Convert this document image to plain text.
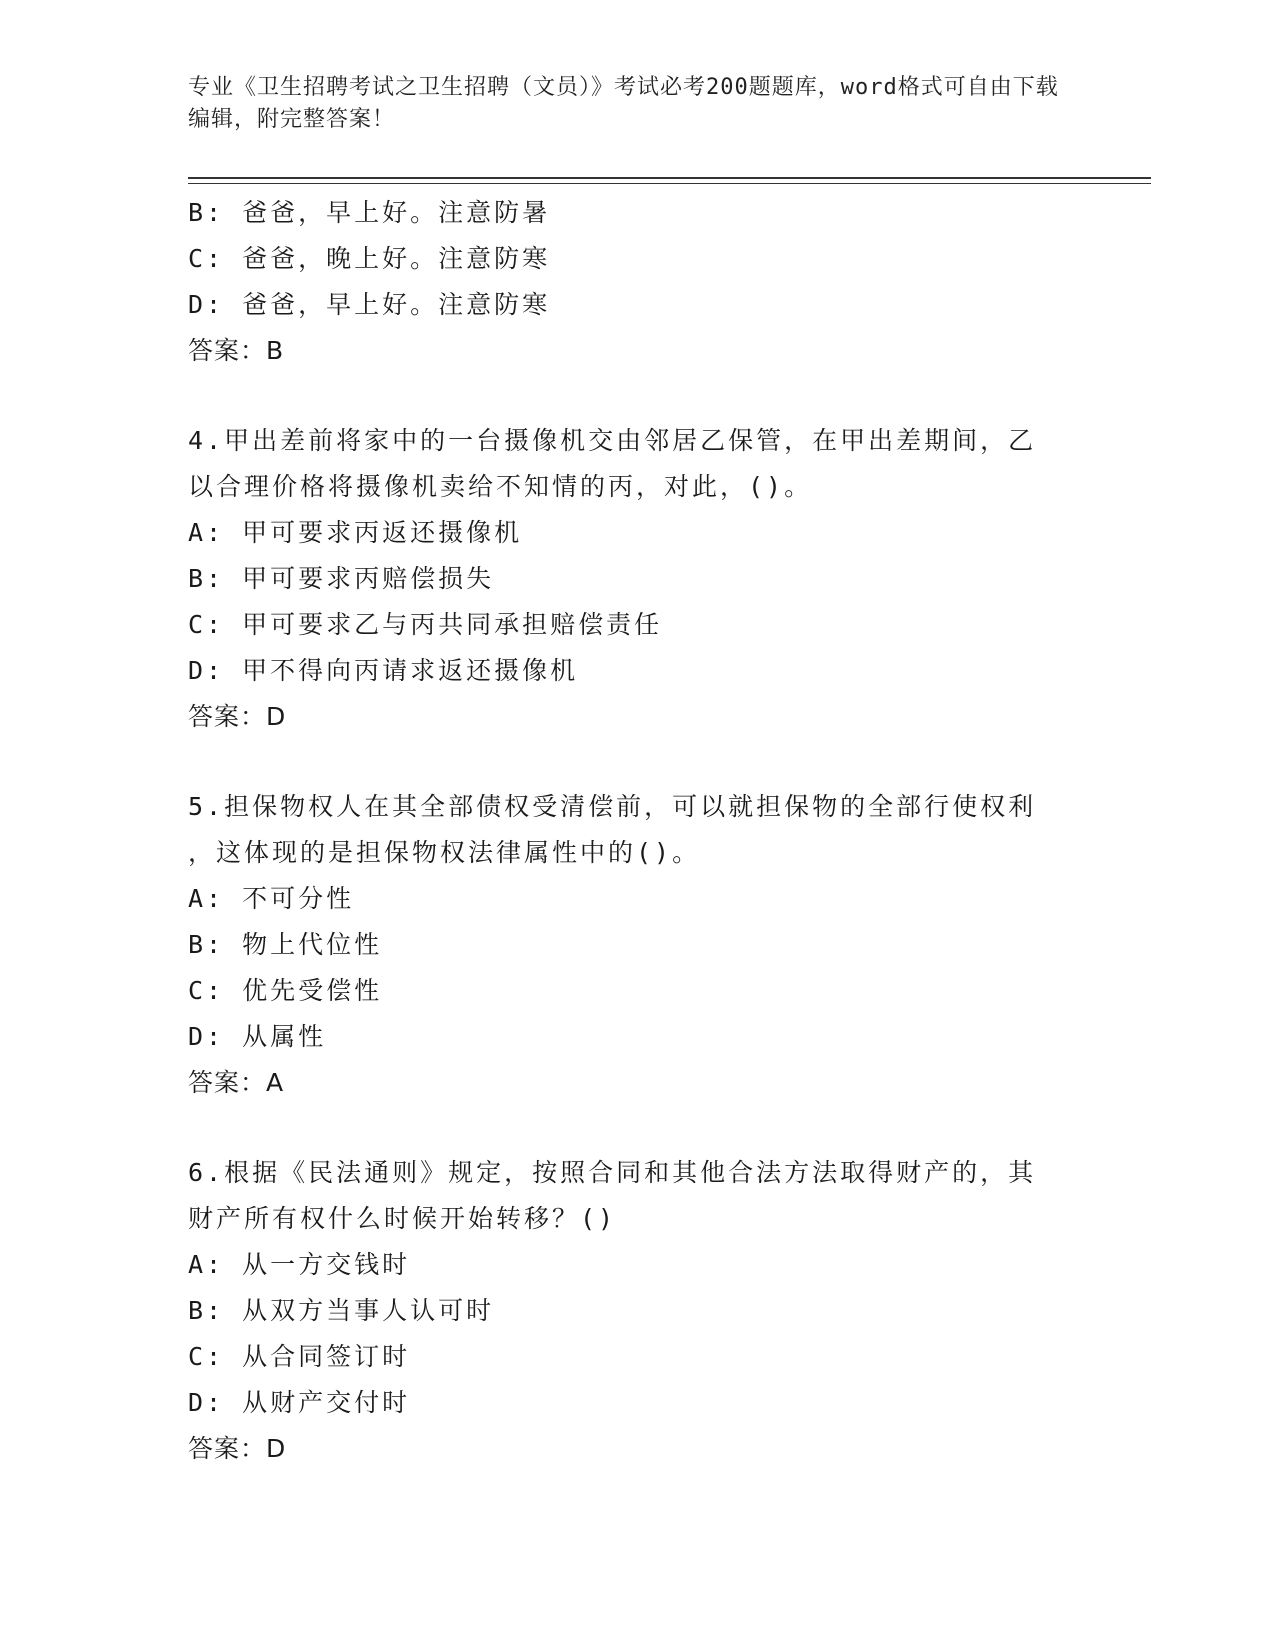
专业《卫生招聘考试之卫生招聘（文员）》考试必考200题题库，word格式可自由下载编辑，附完整答案！
B: 爸爸，早上好。注意防暑
C: 爸爸，晚上好。注意防寒
D: 爸爸，早上好。注意防寒
答案：B
4.甲出差前将家中的一台摄像机交由邻居乙保管，在甲出差期间，乙
以合理价格将摄像机卖给不知情的丙，对此，()。
A: 甲可要求丙返还摄像机
B: 甲可要求丙赔偿损失
C: 甲可要求乙与丙共同承担赔偿责任
D: 甲不得向丙请求返还摄像机
答案：D
5.担保物权人在其全部债权受清偿前，可以就担保物的全部行使权利
，这体现的是担保物权法律属性中的()。
A: 不可分性
B: 物上代位性
C: 优先受偿性
D: 从属性
答案：A
6.根据《民法通则》规定，按照合同和其他合法方法取得财产的，其
财产所有权什么时候开始转移？()
A: 从一方交钱时
B: 从双方当事人认可时
C: 从合同签订时
D: 从财产交付时
答案：D
